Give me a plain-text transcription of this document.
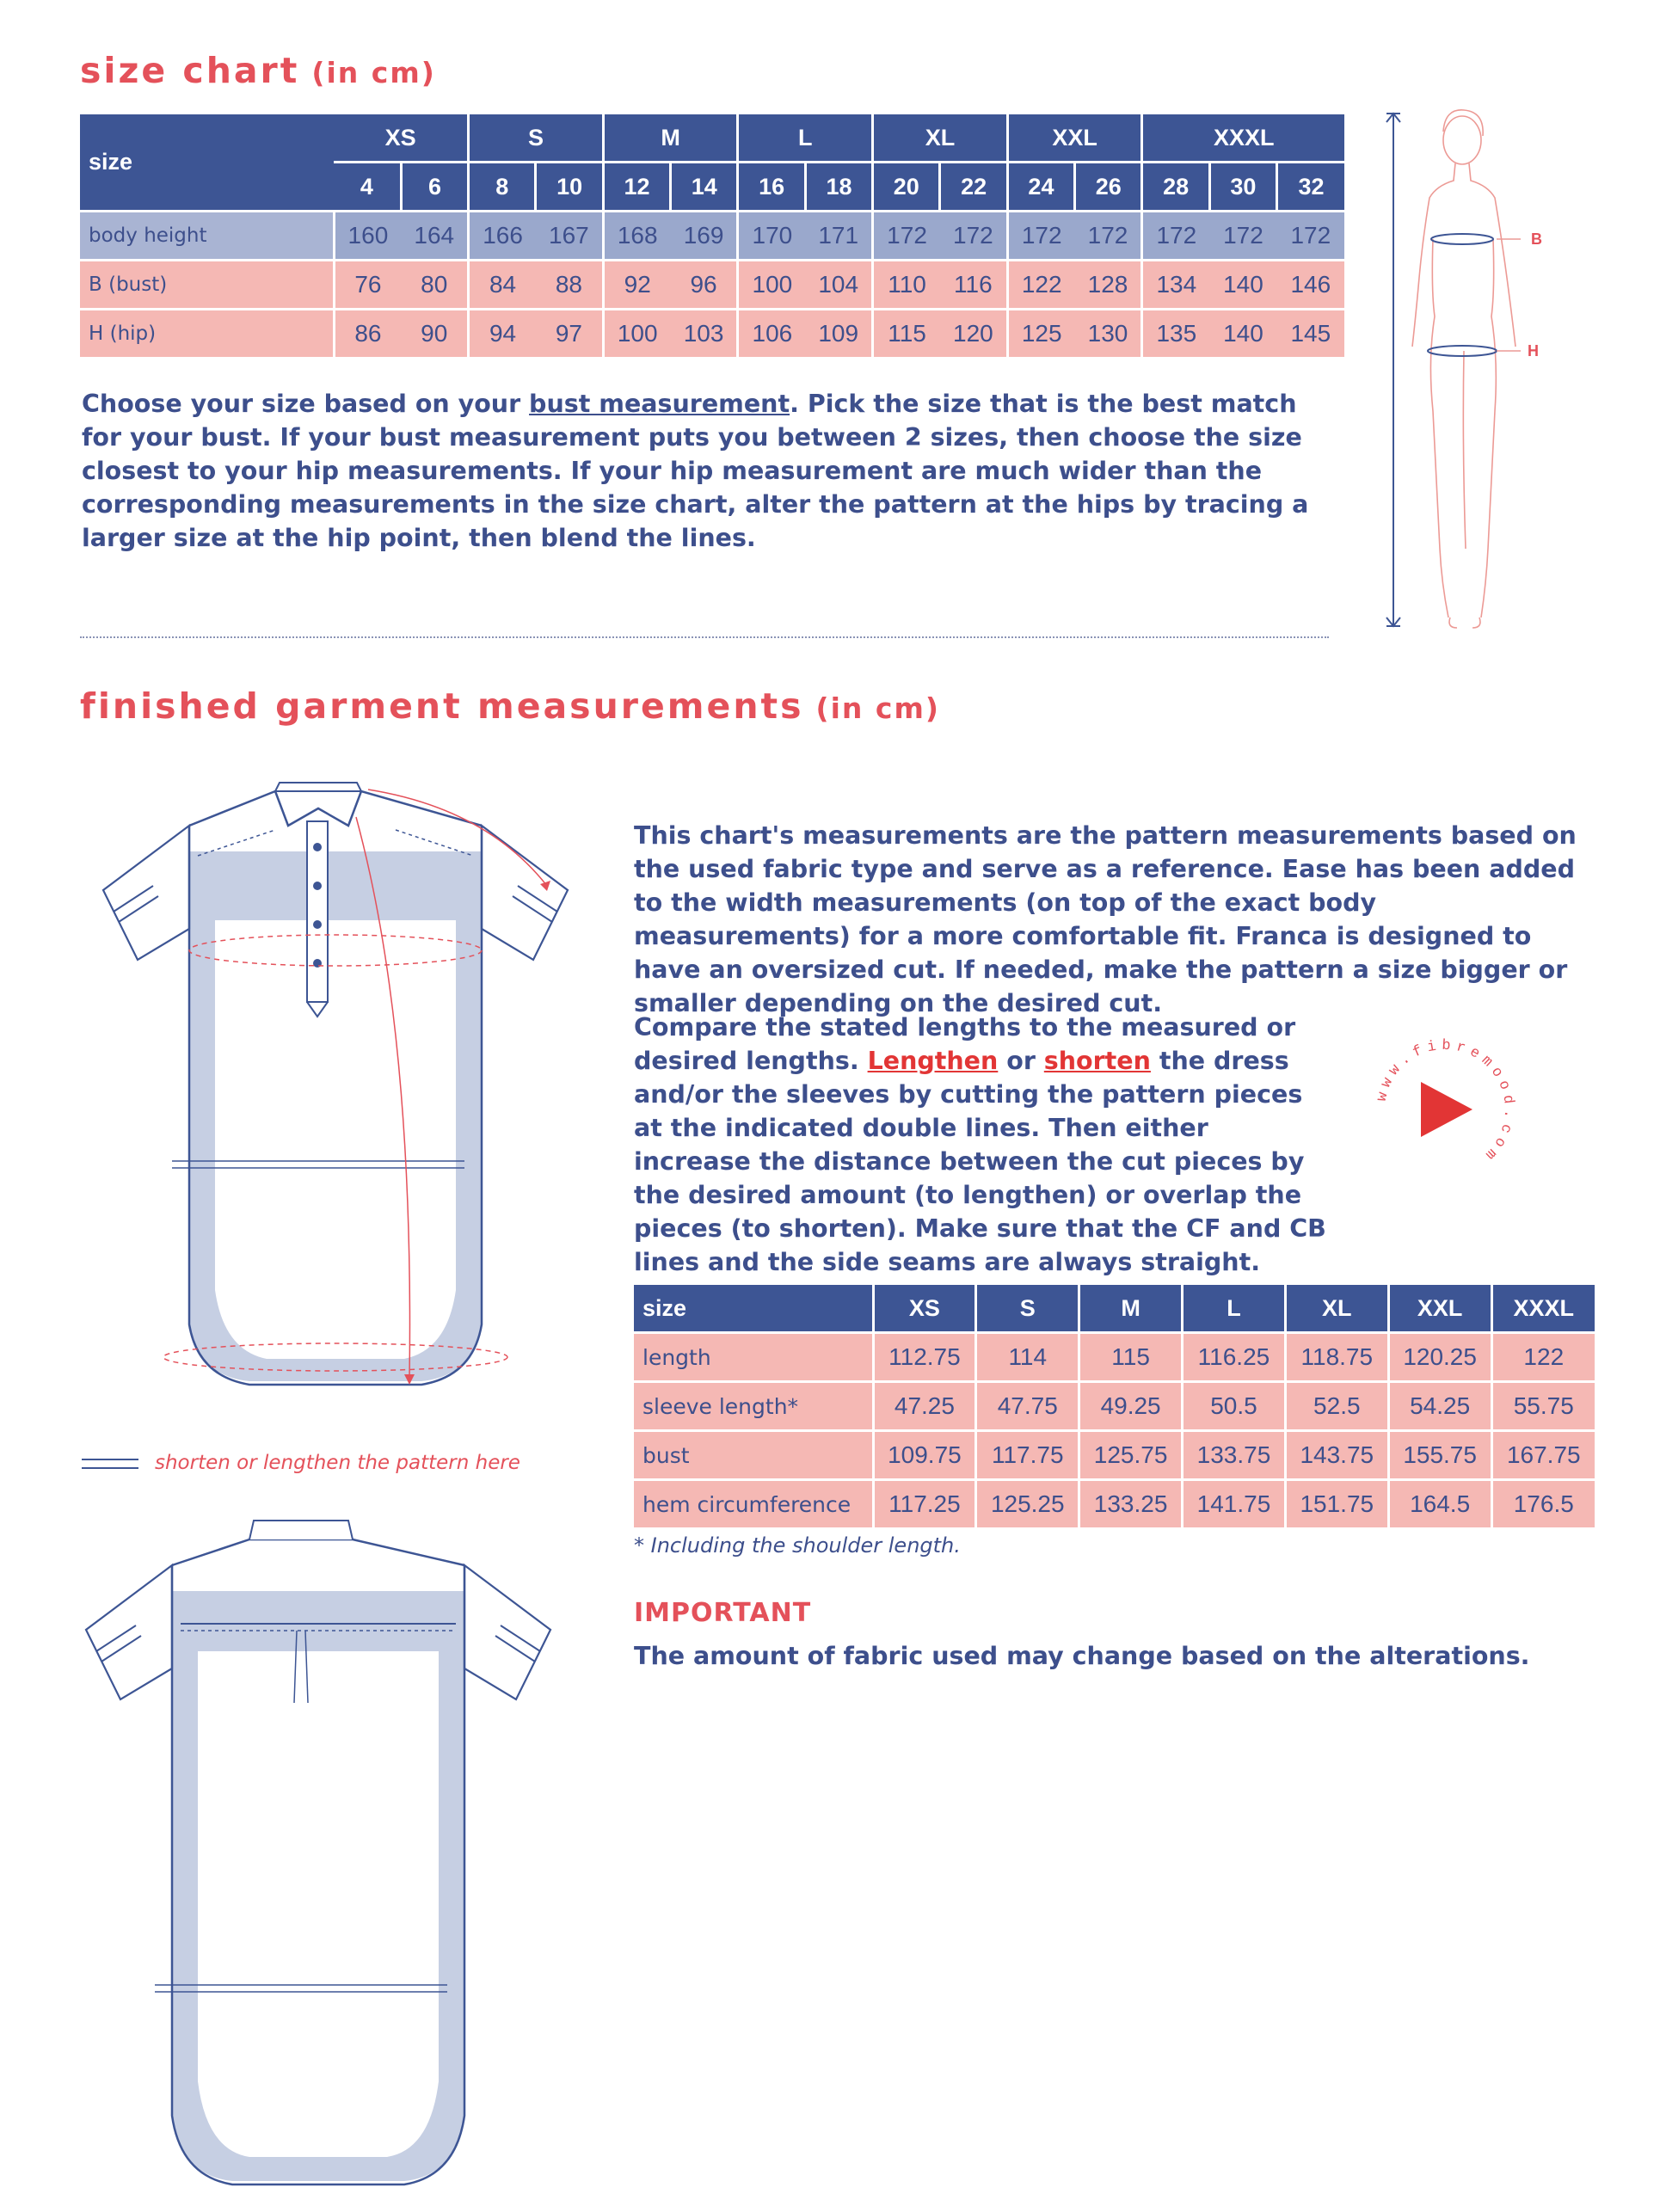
size chart (in cm)
size	XS		S		M		L		XL		XXL		XXXL		
	4	6	8	10	12	14	16	18	20	22	24	26	28	30	32
body height	160	164	166	167	168	169	170	171	172	172	172	172	172	172	172
B (bust)	76	80	84	88	92	96	100	104	110	116	122	128	134	140	146
H (hip)	86	90	94	97	100	103	106	109	115	120	125	130	135	140	145

Choose your size based on your bust measurement. Pick the size that is the best match for your bust. If your bust measurement puts you between 2 sizes, then choose the size closest to your hip measurements. If your hip measurement are much wider than the corresponding measurements in the size chart, alter the pattern at the hips by tracing a larger size at the hip point, then blend the lines.

B
H
finished garment measurements (in cm)

This chart's measurements are the pattern measurements based on the used fabric type and serve as a reference. Ease has been added to the width measurements (on top of the exact body measurements) for a more comfortable fit. Franca is designed to have an oversized cut. If needed, make the pattern a size bigger or smaller depending on the desired cut.

Compare the stated lengths to the measured or desired lengths. Lengthen or shorten the dress and/or the sleeves by cutting the pattern pieces at the indicated double lines. Then either increase the distance between the cut pieces by the desired amount (to lengthen) or overlap the pieces (to shorten). Make sure that the CF and CB lines and the side seams are always straight.

www.fibremood.com
size	XS	S	M	L	XL	XXL	XXXL
length	112.75	114	115	116.25	118.75	120.25	122
sleeve length*	47.25	47.75	49.25	50.5	52.5	54.25	55.75
bust	109.75	117.75	125.75	133.75	143.75	155.75	167.75
hem circumference	117.25	125.25	133.25	141.75	151.75	164.5	176.5
* Including the shoulder length.
IMPORTANT
The amount of fabric used may change based on the alterations.
shorten or lengthen the pattern here
